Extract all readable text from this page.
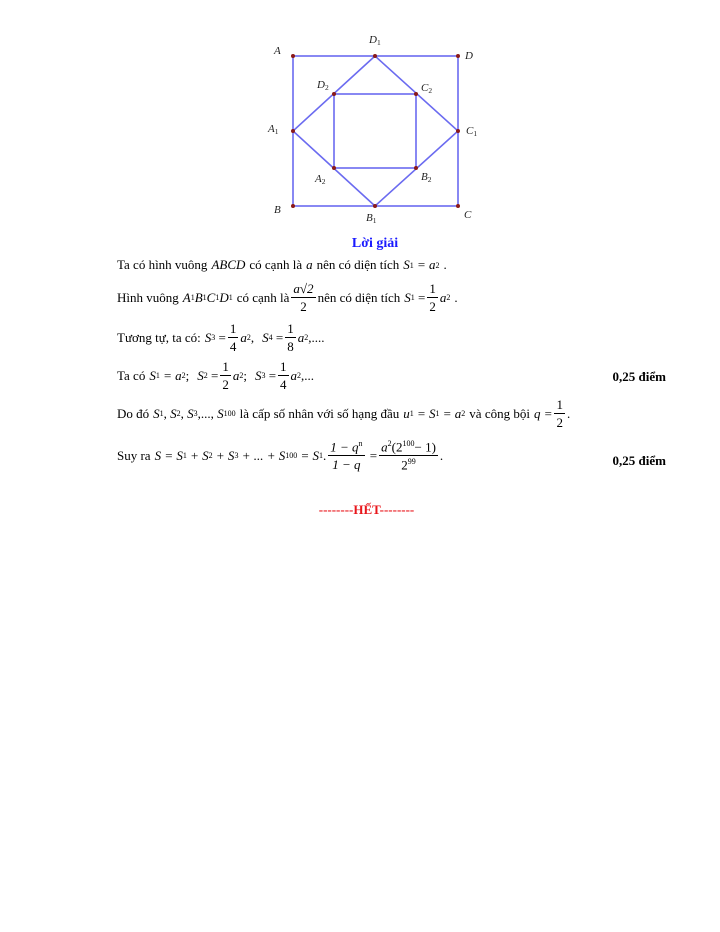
A	D
B	C
D1
C1
B1
A1
D2	C2
A2	B2
Lời giải
Ta có hình vuông ABCD có cạnh là a nên có diện tích S 1
= a 2 .
Hình vuông A 1 B 1 C 1 D 1 có cạnh là $\frac{a√2}{2}$ nên có diện tích S 1
= $\frac{1}{2}$ a 2 .
Tương tự, ta có: S 3
= $\frac{1}{4}$ a 2 , S 4
= $\frac{1}{8}$ a 2 ,....
Ta có S 1
= a 2 ; S 2
= $\frac{1}{2}$ a 2 ; S 3
= $\frac{1}{4}$ a 2 ,...	0,25 điểm
Do đó S 1 ,
S 2 ,
S 3 ,...,
S 100 là cấp số nhân với số hạng đầu u 1
= S 1
= a 2 và công bội $q = \frac{1}{2}$ .
Suy ra S = S 1
+ S 2
+ S 3
+ ... + S 100
= S 1 . $\frac{1 - q^n}{1 - q}$
= $\frac{a^2(2^{100}- 1)}{2^{99}}$ .	0,25 điểm
--------HẾT--------
